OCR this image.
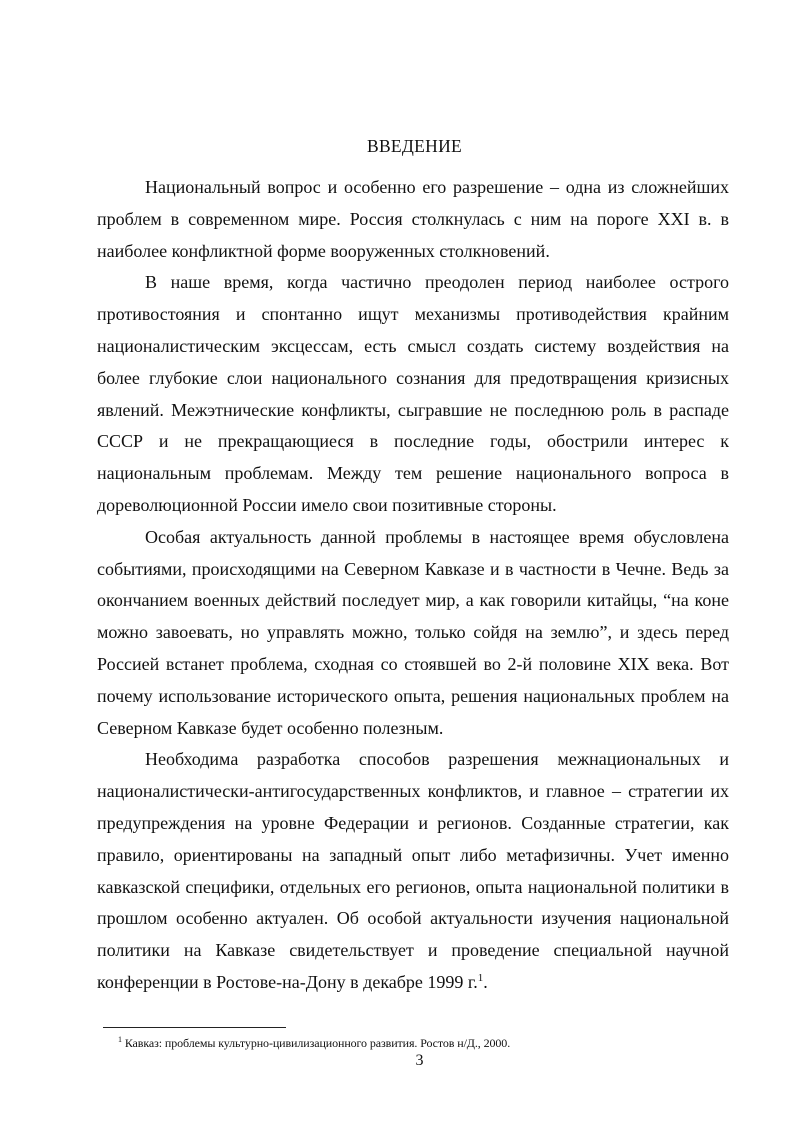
ВВЕДЕНИЕ

Национальный вопрос и особенно его разрешение – одна из сложнейших проблем в современном мире. Россия столкнулась с ним на пороге XXI в. в наиболее конфликтной форме вооруженных столкновений.

В наше время, когда частично преодолен период наиболее острого противостояния и спонтанно ищут механизмы противодействия крайним националистическим эксцессам, есть смысл создать систему воздействия на более глубокие слои национального сознания для предотвращения кризисных явлений. Межэтнические конфликты, сыгравшие не последнюю роль в распаде СССР и не прекращающиеся в последние годы, обострили интерес к национальным проблемам. Между тем решение национального вопроса в дореволюционной России имело свои позитивные стороны.

Особая актуальность данной проблемы в настоящее время обусловлена событиями, происходящими на Северном Кавказе и в частности в Чечне. Ведь за окончанием военных действий последует мир, а как говорили китайцы, “на коне можно завоевать, но управлять можно, только сойдя на землю”, и здесь перед Россией встанет проблема, сходная со стоявшей во 2-й половине XIX века. Вот почему использование исторического опыта, решения национальных проблем на Северном Кавказе будет особенно полезным.

Необходима разработка способов разрешения межнациональных и националистически-антигосударственных конфликтов, и главное – стратегии их предупреждения на уровне Федерации и регионов. Созданные стратегии, как правило, ориентированы на западный опыт либо метафизичны. Учет именно кавказской специфики, отдельных его регионов, опыта национальной политики в прошлом особенно актуален. Об особой актуальности изучения национальной политики на Кавказе свидетельствует и проведение специальной научной конференции в Ростове-на-Дону в декабре 1999 г.$^1$.

$^1$ Кавказ: проблемы культурно-цивилизационного развития. Ростов н/Д., 2000.
3
